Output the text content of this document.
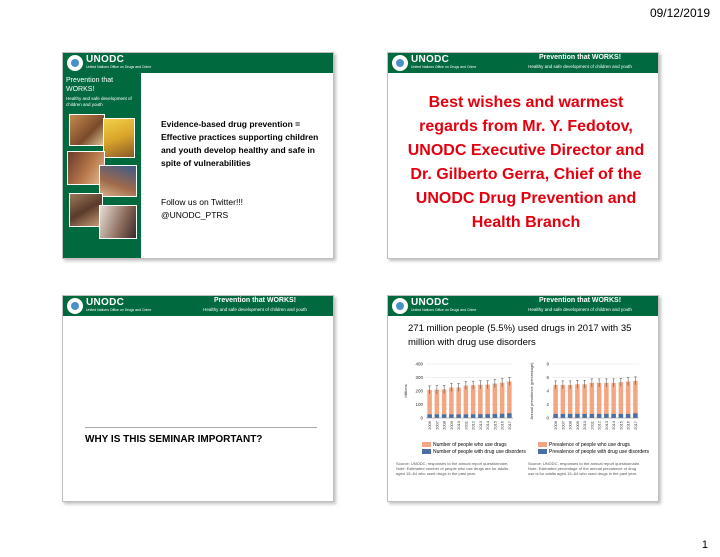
09/12/2019
UNODC
United Nations Office on Drugs and Crime
Prevention that WORKS!
Healthy and safe development of children and youth
Evidence-based drug prevention = Effective practices supporting children and youth develop healthy and safe in spite of vulnerabilities
Follow us on Twitter!!!
@UNODC_PTRS
UNODC
United Nations Office on Drugs and Crime
Prevention that WORKS!
Healthy and safe development of children and youth
Best wishes and warmest regards from Mr. Y. Fedotov, UNODC Executive Director and Dr. Gilberto Gerra, Chief of the UNODC Drug Prevention and Health Branch
UNODC
United Nations Office on Drugs and Crime
Prevention that WORKS!
Healthy and safe development of children and youth
WHY IS THIS SEMINAR IMPORTANT?
UNODC
United Nations Office on Drugs and Crime
Prevention that WORKS!
Healthy and safe development of children and youth
271 million people (5.5%) used drugs in 2017 with 35 million with drug use disorders
Millions
0
100
200
300
400
2006 2007 2008 2009 2010 2011 2012 2013 2014 2015 2016 2017
Annual prevalence (percentage)	0
2
4
6
8
2006 2007 2008 2009 2010 2011 2012 2013 2014 2015 2016 2017
Number of people who use drugs
Number of people with drug use disorders
Prevalence of people who use drugs
Prevalence of people with drug use disorders
Source: UNODC, responses to the annual report questionnaire.
Note: Estimated number of people who use drugs are for adults aged 15–64 who used drugs in the past year.
Source: UNODC, responses to the annual report questionnaire.
Note: Estimated percentage of the annual prevalence of drug use is for adults aged 15–64 who used drugs in the past year.
1
